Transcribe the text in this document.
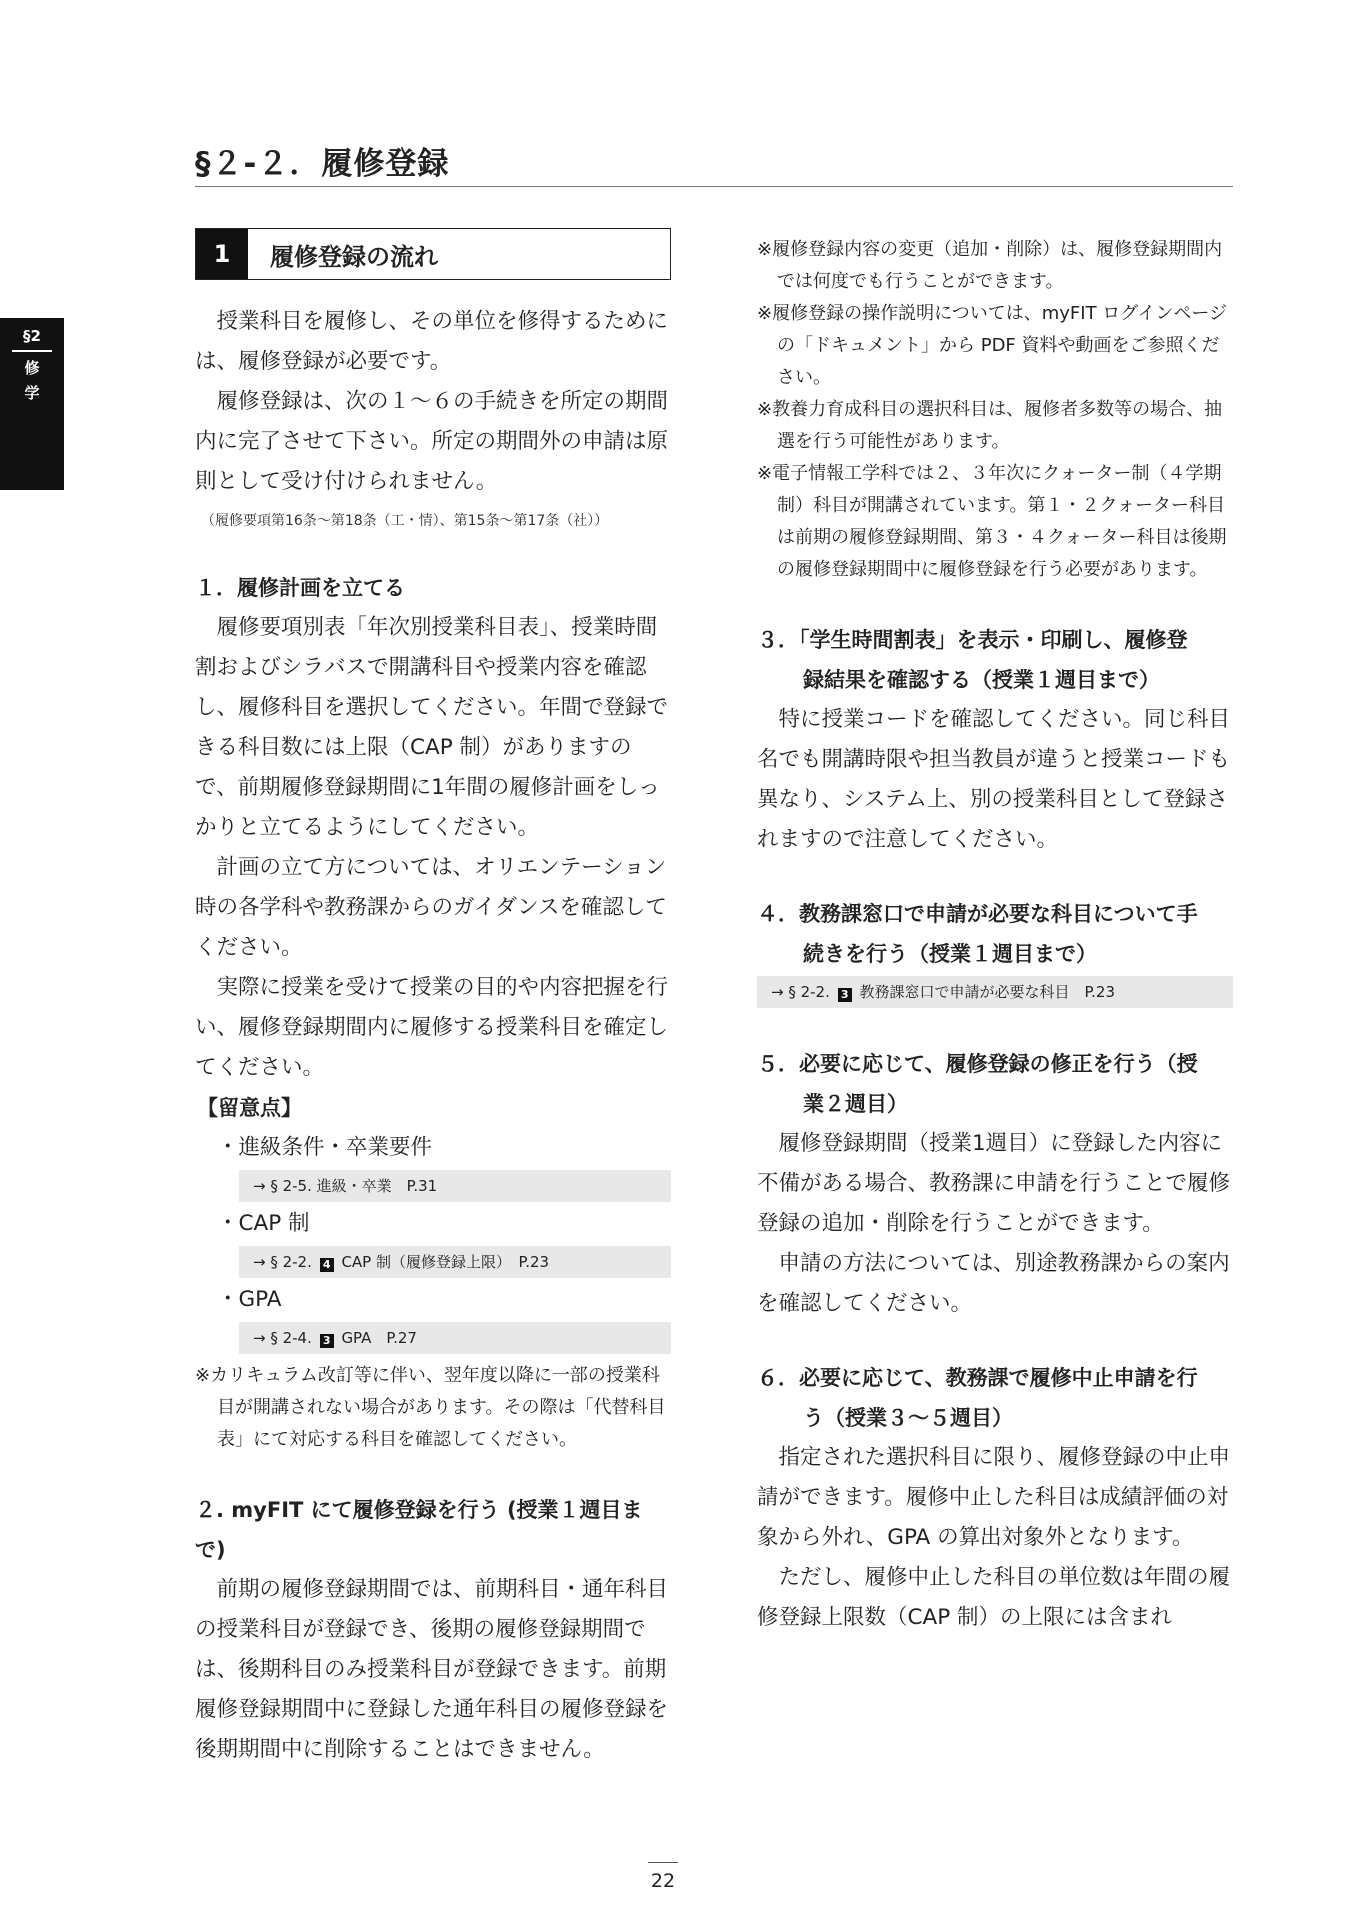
§2
修
学
§２-２．履修登録
1	履修登録の流れ

授業科目を履修し、その単位を修得するためには、履修登録が必要です。

履修登録は、次の１～６の手続きを所定の期間内に完了させて下さい。所定の期間外の申請は原則として受け付けられません。

（履修要項第16条～第18条（工・情）、第15条～第17条（社））

１．履修計画を立てる

履修要項別表「年次別授業科目表」、授業時間割およびシラバスで開講科目や授業内容を確認し、履修科目を選択してください。年間で登録できる科目数には上限（CAP 制）がありますので、前期履修登録期間に1年間の履修計画をしっかりと立てるようにしてください。

計画の立て方については、オリエンテーション時の各学科や教務課からのガイダンスを確認してください。

実際に授業を受けて授業の目的や内容把握を行い、履修登録期間内に履修する授業科目を確定してください。

【留意点】

・進級条件・卒業要件

→ § 2-5. 進級・卒業　P.31

・CAP 制

→ § 2-2. 4 CAP 制（履修登録上限）　P.23

・GPA

→ § 2-4. 3 GPA　P.27

※カリキュラム改訂等に伴い、翌年度以降に一部の授業科目が開講されない場合があります。その際は「代替科目表」にて対応する科目を確認してください。

２. myFIT にて履修登録を行う (授業１週目まで)

前期の履修登録期間では、前期科目・通年科目の授業科目が登録でき、後期の履修登録期間では、後期科目のみ授業科目が登録できます。前期履修登録期間中に登録した通年科目の履修登録を後期期間中に削除することはできません。

※履修登録内容の変更（追加・削除）は、履修登録期間内では何度でも行うことができます。

※履修登録の操作説明については、myFIT ログインページの「ドキュメント」から PDF 資料や動画をご参照ください。

※教養力育成科目の選択科目は、履修者多数等の場合、抽選を行う可能性があります。

※電子情報工学科では２、３年次にクォーター制（４学期制）科目が開講されています。第１・２クォーター科目は前期の履修登録期間、第３・４クォーター科目は後期の履修登録期間中に履修登録を行う必要があります。

３．「学生時間割表」を表示・印刷し、履修登
録結果を確認する（授業１週目まで）

特に授業コードを確認してください。同じ科目名でも開講時限や担当教員が違うと授業コードも異なり、システム上、別の授業科目として登録されますので注意してください。

４．教務課窓口で申請が必要な科目について手
続きを行う（授業１週目まで）

→ § 2-2. 3 教務課窓口で申請が必要な科目　P.23

５．必要に応じて、履修登録の修正を行う（授
業２週目）

履修登録期間（授業1週目）に登録した内容に不備がある場合、教務課に申請を行うことで履修登録の追加・削除を行うことができます。

申請の方法については、別途教務課からの案内を確認してください。

６．必要に応じて、教務課で履修中止申請を行
う（授業３～５週目）

指定された選択科目に限り、履修登録の中止申請ができます。履修中止した科目は成績評価の対象から外れ、GPA の算出対象外となります。

ただし、履修中止した科目の単位数は年間の履修登録上限数（CAP 制）の上限には含まれ

22
